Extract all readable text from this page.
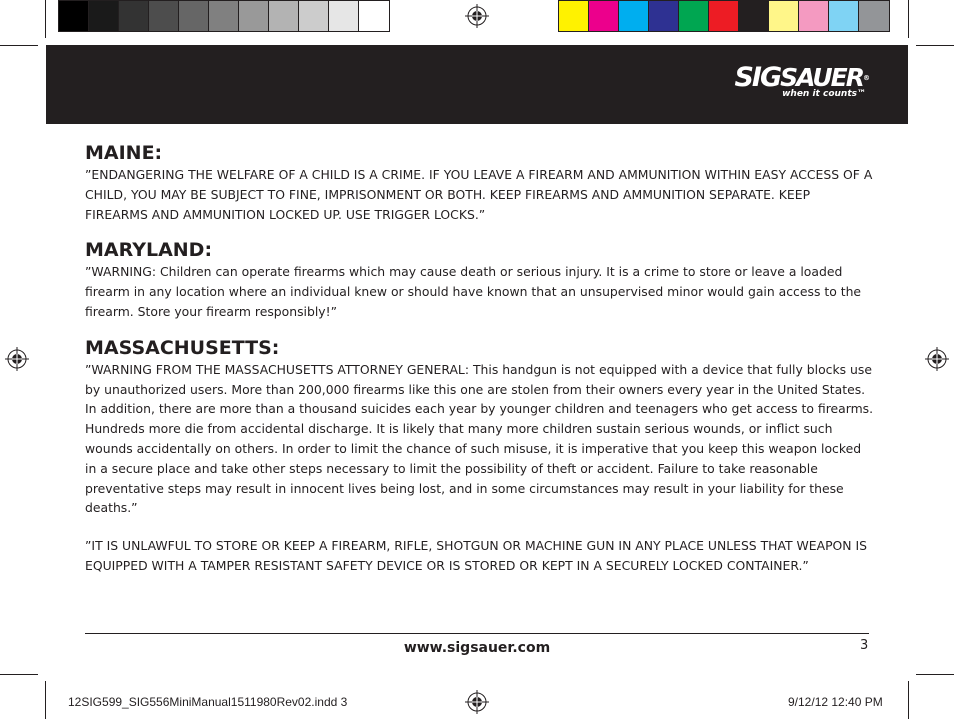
SIGSAUER®
when it counts™
MAINE:

”ENDANGERING THE WELFARE OF A CHILD IS A CRIME. IF YOU LEAVE A FIREARM AND AMMUNITION WITHIN EASY ACCESS OF A CHILD, YOU MAY BE SUBJECT TO FINE, IMPRISONMENT OR BOTH. KEEP FIREARMS AND AMMUNITION SEPARATE. KEEP FIREARMS AND AMMUNITION LOCKED UP. USE TRIGGER LOCKS.”

MARYLAND:

”WARNING: Children can operate firearms which may cause death or serious injury. It is a crime to store or leave a loaded firearm in any location where an individual knew or should have known that an unsupervised minor would gain access to the firearm. Store your firearm responsibly!”

MASSACHUSETTS:

”WARNING FROM THE MASSACHUSETTS ATTORNEY GENERAL: This handgun is not equipped with a device that fully blocks use by unauthorized users. More than 200,000 firearms like this one are stolen from their owners every year in the United States. In addition, there are more than a thousand suicides each year by younger children and teenagers who get access to firearms. Hundreds more die from accidental discharge. It is likely that many more children sustain serious wounds, or inflict such wounds accidentally on others. In order to limit the chance of such misuse, it is imperative that you keep this weapon locked in a secure place and take other steps necessary to limit the possibility of theft or accident. Failure to take reasonable preventative steps may result in innocent lives being lost, and in some circumstances may result in your liability for these deaths.”

”IT IS UNLAWFUL TO STORE OR KEEP A FIREARM, RIFLE, SHOTGUN OR MACHINE GUN IN ANY PLACE UNLESS THAT WEAPON IS EQUIPPED WITH A TAMPER RESISTANT SAFETY DEVICE OR IS STORED OR KEPT IN A SECURELY LOCKED CONTAINER.”

www.sigsauer.com	3
12SIG599_SIG556MiniManual1511980Rev02.indd 3	9/12/12 12:40 PM
